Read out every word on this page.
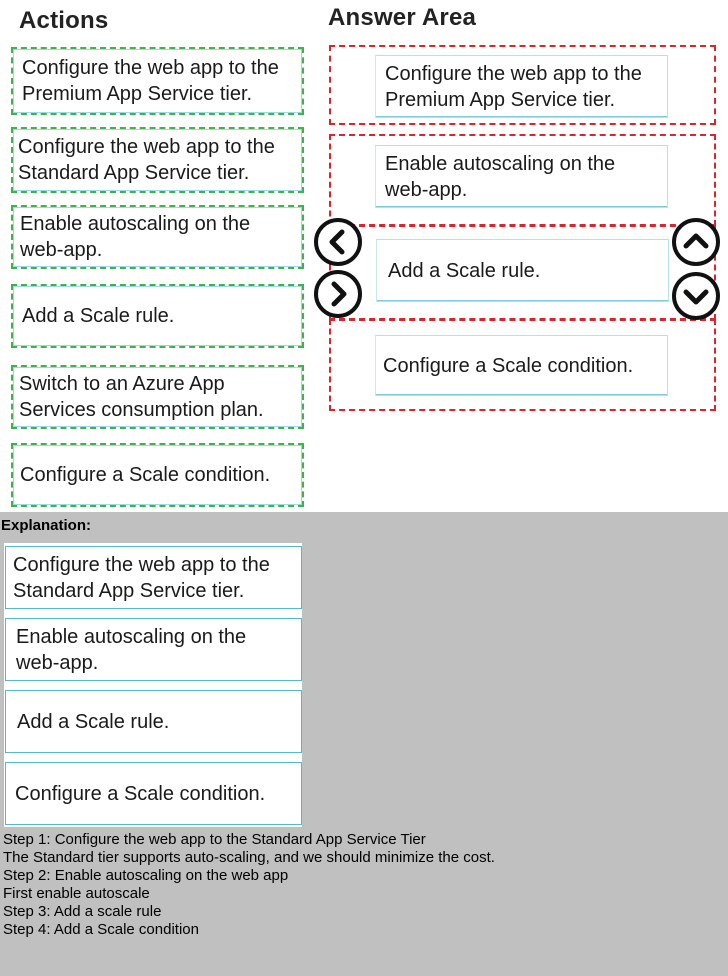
Actions	Answer Area
Configure the web app to the
Premium App Service tier.
Configure the web app to the
Standard App Service tier.
Enable autoscaling on the
web-app.
Add a Scale rule.
Switch to an Azure App
Services consumption plan.
Configure a Scale condition.
Configure the web app to the
Premium App Service tier.
Enable autoscaling on the
web-app.
Add a Scale rule.
Configure a Scale condition.
Explanation:
Configure the web app to the
Standard App Service tier.
Enable autoscaling on the
web-app.
Add a Scale rule.
Configure a Scale condition.
Step 1: Configure the web app to the Standard App Service Tier
The Standard tier supports auto-scaling, and we should minimize the cost.
Step 2: Enable autoscaling on the web app
First enable autoscale
Step 3: Add a scale rule
Step 4: Add a Scale condition
